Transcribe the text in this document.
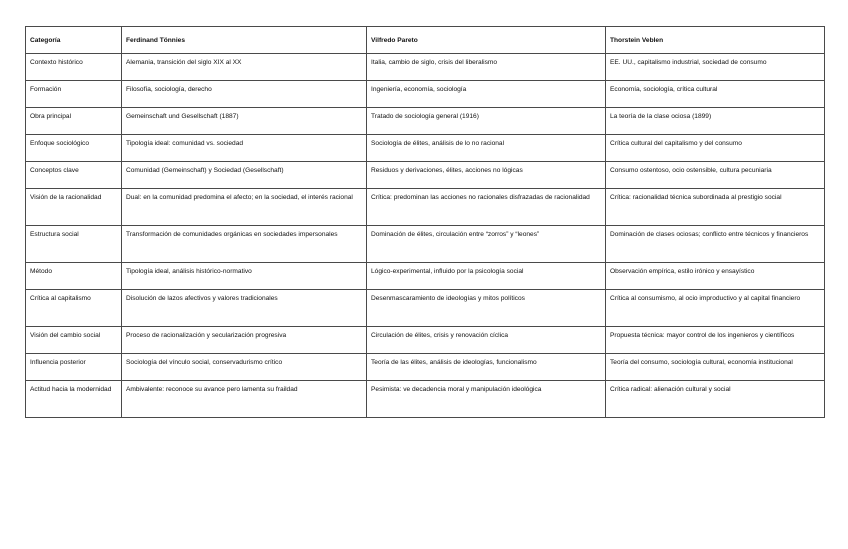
Categoría	Ferdinand Tönnies	Vilfredo Pareto	Thorstein Veblen
Contexto histórico	Alemania, transición del siglo XIX al XX	Italia, cambio de siglo, crisis del liberalismo	EE. UU., capitalismo industrial, sociedad de consumo
Formación	Filosofía, sociología, derecho	Ingeniería, economía, sociología	Economía, sociología, crítica cultural
Obra principal	Gemeinschaft und Gesellschaft (1887)	Tratado de sociología general (1916)	La teoría de la clase ociosa (1899)
Enfoque sociológico	Tipología ideal: comunidad vs. sociedad	Sociología de élites, análisis de lo no racional	Crítica cultural del capitalismo y del consumo
Conceptos clave	Comunidad (Gemeinschaft) y Sociedad (Gesellschaft)	Residuos y derivaciones, élites, acciones no lógicas	Consumo ostentoso, ocio ostensible, cultura pecuniaria
Visión de la racionalidad	Dual: en la comunidad predomina el afecto; en la sociedad, el interés racional	Crítica: predominan las acciones no racionales disfrazadas de racionalidad	Crítica: racionalidad técnica subordinada al prestigio social
Estructura social	Transformación de comunidades orgánicas en sociedades impersonales	Dominación de élites, circulación entre “zorros” y “leones”	Dominación de clases ociosas; conflicto entre técnicos y financieros
Método	Tipología ideal, análisis histórico-normativo	Lógico-experimental, influido por la psicología social	Observación empírica, estilo irónico y ensayístico
Crítica al capitalismo	Disolución de lazos afectivos y valores tradicionales	Desenmascaramiento de ideologías y mitos políticos	Crítica al consumismo, al ocio improductivo y al capital financiero
Visión del cambio social	Proceso de racionalización y secularización progresiva	Circulación de élites, crisis y renovación cíclica	Propuesta técnica: mayor control de los ingenieros y científicos
Influencia posterior	Sociología del vínculo social, conservadurismo crítico	Teoría de las élites, análisis de ideologías, funcionalismo	Teoría del consumo, sociología cultural, economía institucional
Actitud hacia la modernidad	Ambivalente: reconoce su avance pero lamenta su fraildad	Pesimista: ve decadencia moral y manipulación ideológica	Crítica radical: alienación cultural y social
